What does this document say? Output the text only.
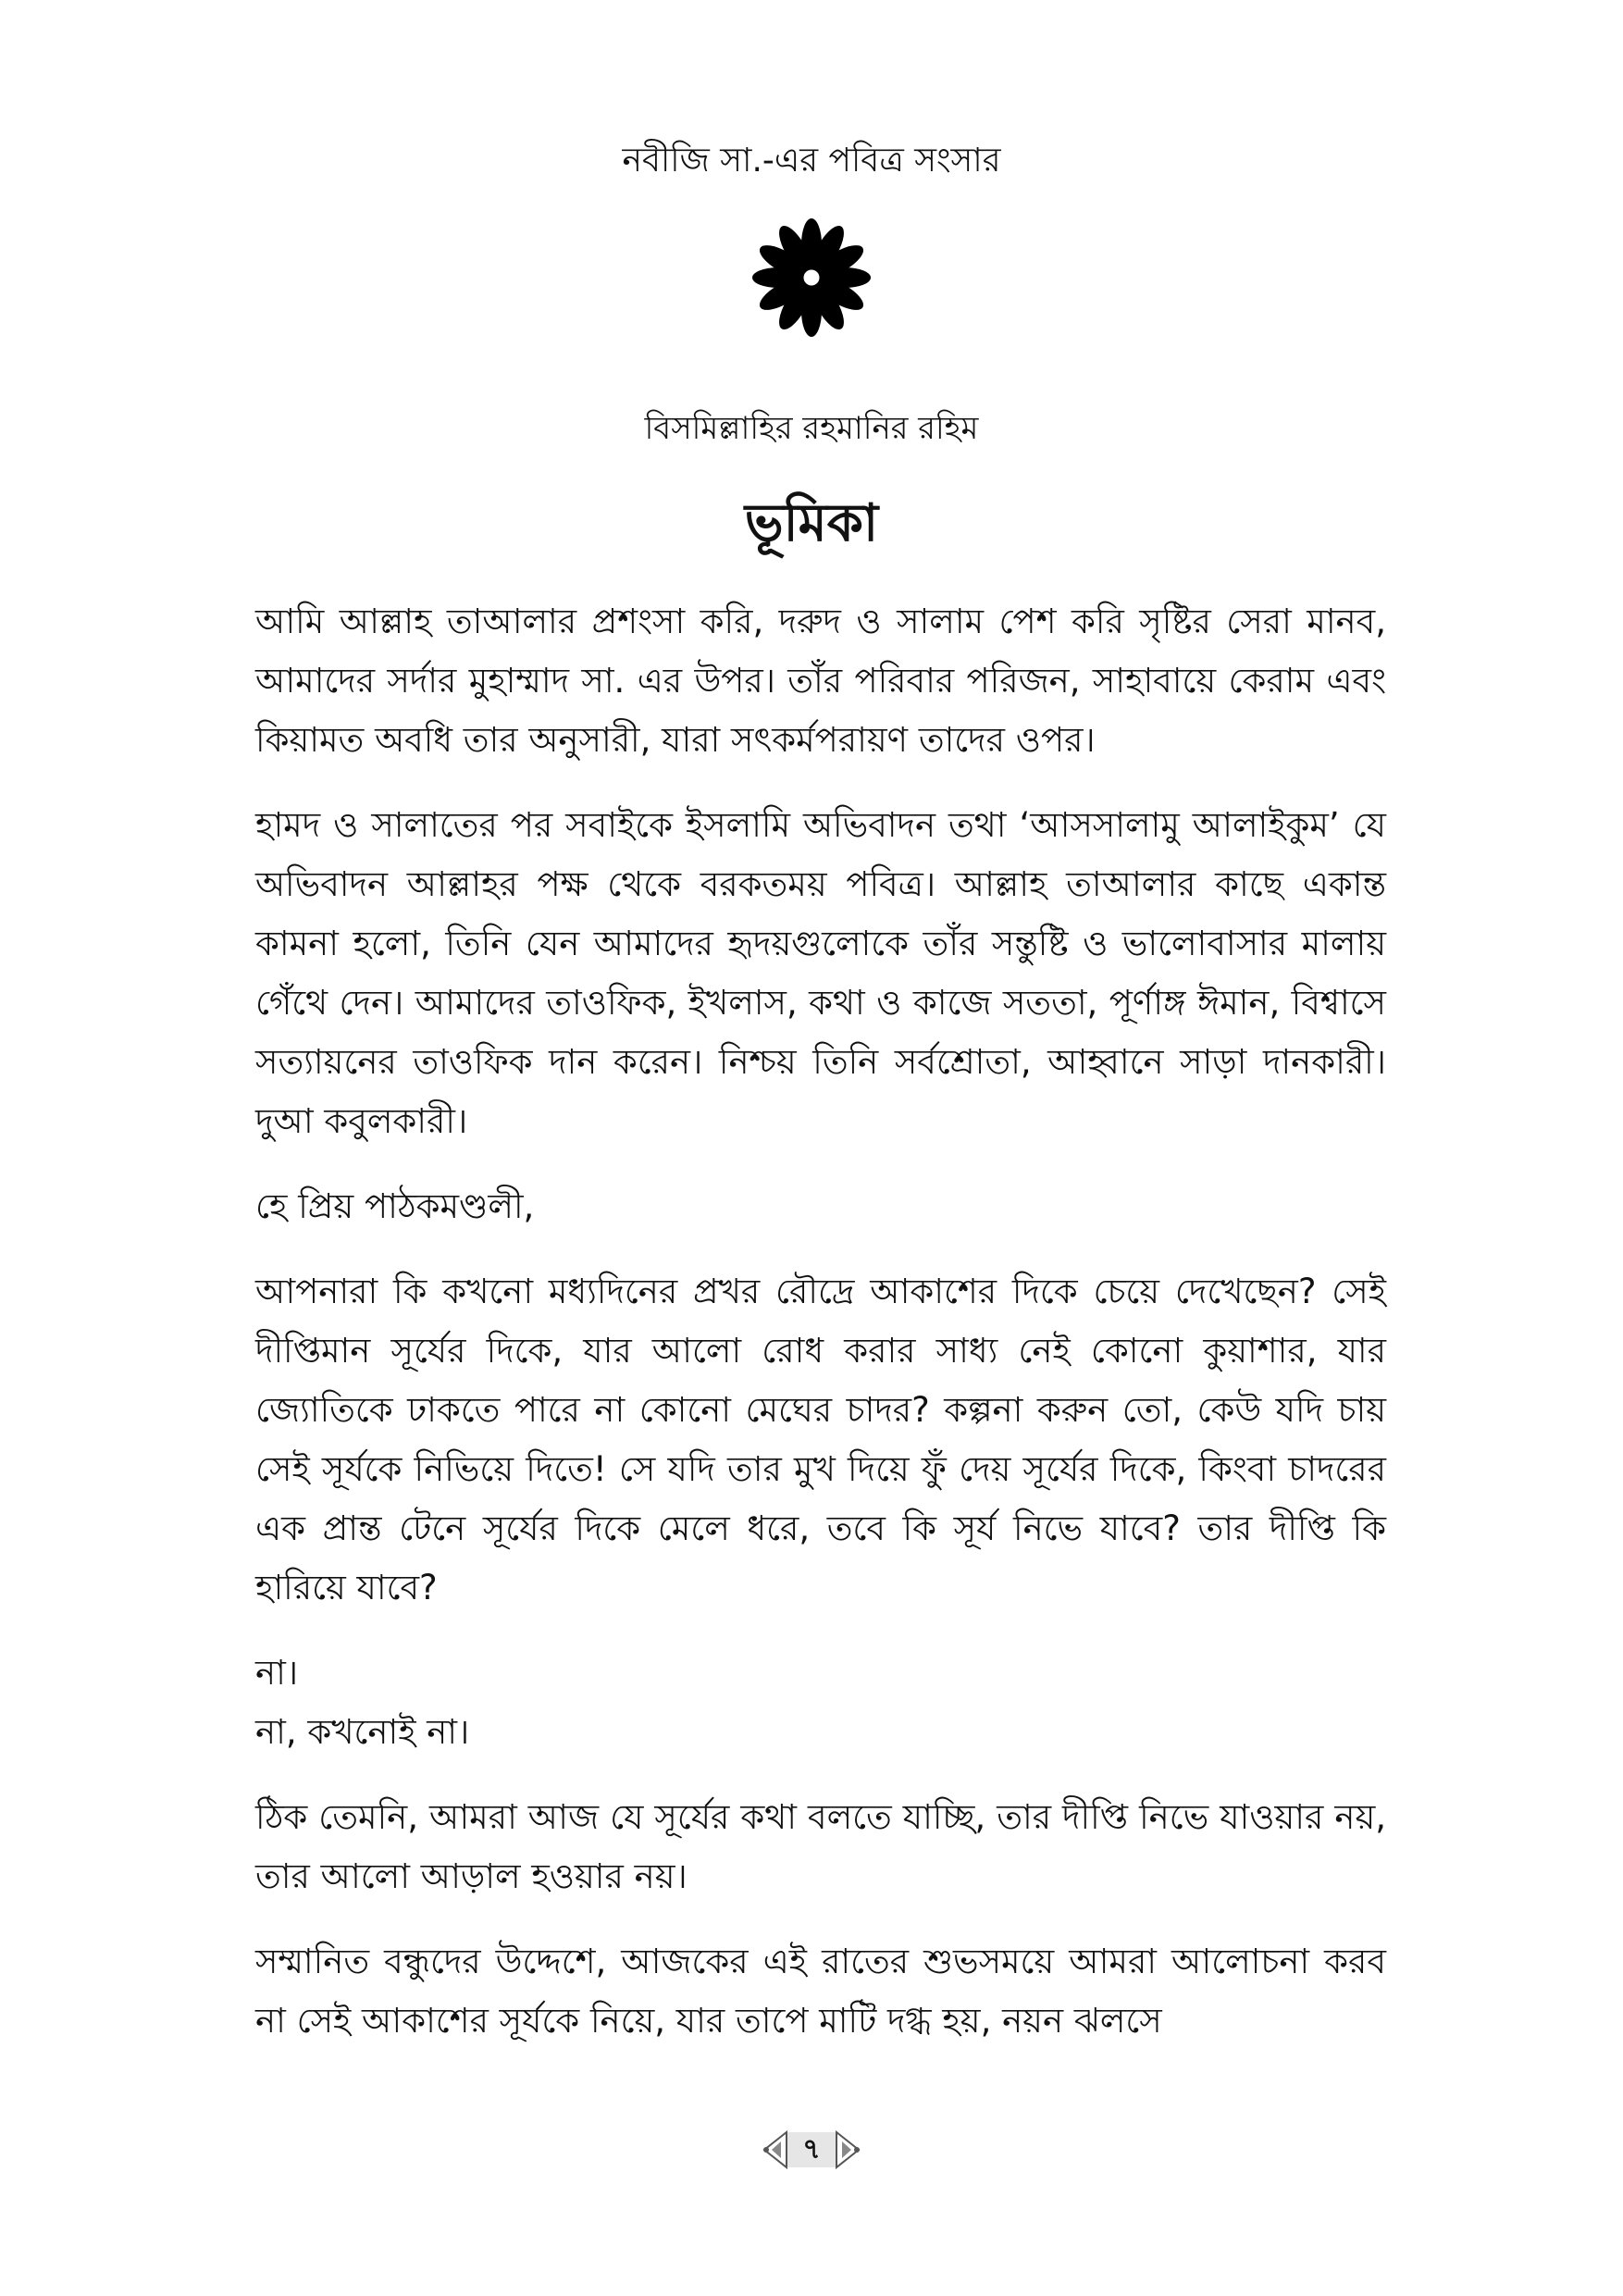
নবীজি সা.-এর পবিত্র সংসার
বিসমিল্লাহির রহমানির রহিম
ভূমিকা

আমি আল্লাহ তাআলার প্রশংসা করি, দরুদ ও সালাম পেশ করি সৃষ্টির সেরা মানব, আমাদের সর্দার মুহাম্মাদ সা. এর উপর। তাঁর পরিবার পরিজন, সাহাবায়ে কেরাম এবং কিয়ামত অবধি তার অনুসারী, যারা সৎকর্মপরায়ণ তাদের ওপর।

হামদ ও সালাতের পর সবাইকে ইসলামি অভিবাদন তথা ‘আসসালামু আলাইকুম’ যে অভিবাদন আল্লাহর পক্ষ থেকে বরকতময় পবিত্র। আল্লাহ তাআলার কাছে একান্ত কামনা হলো, তিনি যেন আমাদের হৃদয়গুলোকে তাঁর সন্তুষ্টি ও ভালোবাসার মালায় গেঁথে দেন। আমাদের তাওফিক, ইখলাস, কথা ও কাজে সততা, পূর্ণাঙ্গ ঈমান, বিশ্বাসে সত্যায়নের তাওফিক দান করেন। নিশ্চয় তিনি সর্বশ্রোতা, আহ্বানে সাড়া দানকারী। দুআ কবুলকারী।

হে প্রিয় পাঠকমণ্ডলী,

আপনারা কি কখনো মধ্যদিনের প্রখর রৌদ্রে আকাশের দিকে চেয়ে দেখেছেন? সেই দীপ্তিমান সূর্যের দিকে, যার আলো রোধ করার সাধ্য নেই কোনো কুয়াশার, যার জ্যোতিকে ঢাকতে পারে না কোনো মেঘের চাদর? কল্পনা করুন তো, কেউ যদি চায় সেই সূর্যকে নিভিয়ে দিতে! সে যদি তার মুখ দিয়ে ফুঁ দেয় সূর্যের দিকে, কিংবা চাদরের এক প্রান্ত টেনে সূর্যের দিকে মেলে ধরে, তবে কি সূর্য নিভে যাবে? তার দীপ্তি কি হারিয়ে যাবে?

না।

না, কখনোই না।

ঠিক তেমনি, আমরা আজ যে সূর্যের কথা বলতে যাচ্ছি, তার দীপ্তি নিভে যাওয়ার নয়, তার আলো আড়াল হওয়ার নয়।

সম্মানিত বন্ধুদের উদ্দেশে, আজকের এই রাতের শুভসময়ে আমরা আলোচনা করব না সেই আকাশের সূর্যকে নিয়ে, যার তাপে মাটি দগ্ধ হয়, নয়ন ঝলসে

৭
